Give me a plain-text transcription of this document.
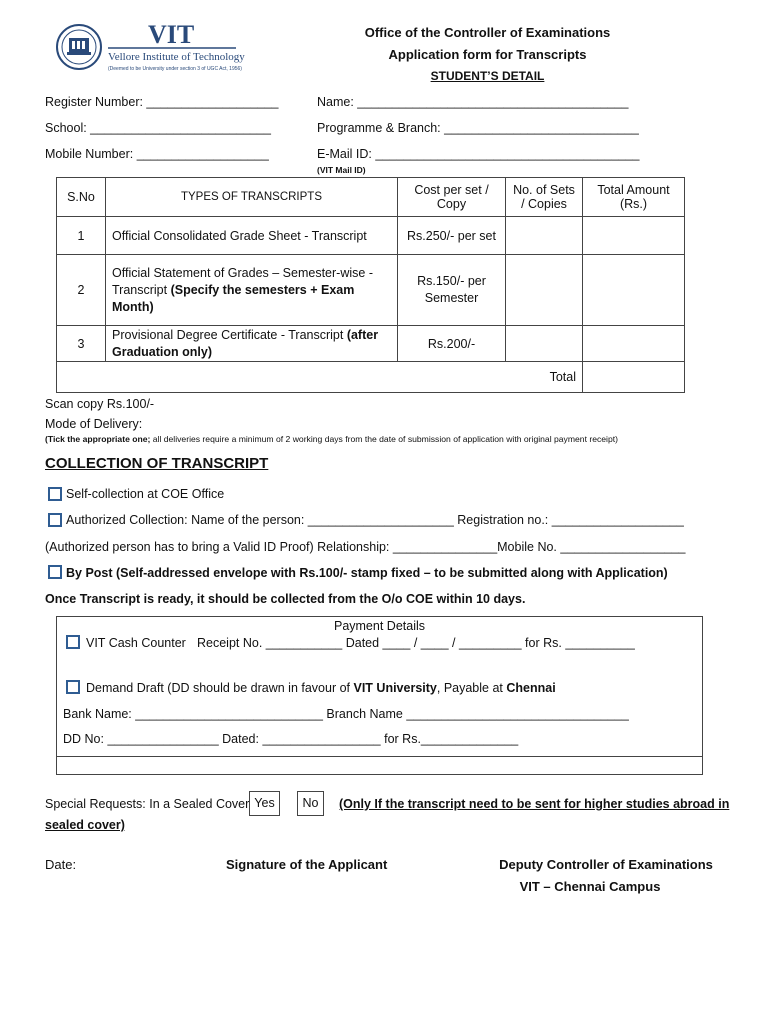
VIT
Vellore Institute of Technology
(Deemed to be University under section 3 of UGC Act, 1956)
Office of the Controller of Examinations
Application form for Transcripts
STUDENT’S DETAIL
Register Number: ___________________	Name: _______________________________________
School: __________________________	Programme & Branch: ____________________________
Mobile Number: ___________________	E-Mail ID: ______________________________________
(VIT Mail ID)
S.No	TYPES OF TRANSCRIPTS	Cost per set / Copy	No. of Sets / Copies	Total Amount (Rs.)
1	Official Consolidated Grade Sheet - Transcript	Rs.250/- per set		
2	Official Statement of Grades – Semester-wise - Transcript (Specify the semesters + Exam Month)	Rs.150/- per Semester		
3	Provisional Degree Certificate - Transcript (after Graduation only)	Rs.200/-		
Total				
Scan copy Rs.100/-
Mode of Delivery:
(Tick the appropriate one; all deliveries require a minimum of 2 working days from the date of submission of application with original payment receipt)
COLLECTION OF TRANSCRIPT
Self-collection at COE Office
Authorized Collection: Name of the person: _____________________ Registration no.: ___________________
(Authorized person has to bring a Valid ID Proof) Relationship: _______________Mobile No. __________________
By Post (Self-addressed envelope with Rs.100/- stamp fixed – to be submitted along with Application)
Once Transcript is ready, it should be collected from the O/o COE within 10 days.
Payment Details
VIT Cash Counter Receipt No. ___________ Dated ____ / ____ / _________ for Rs. __________
Demand Draft (DD should be drawn in favour of VIT University, Payable at Chennai
Bank Name: ___________________________ Branch Name ________________________________
DD No: ________________ Dated: _________________ for Rs.______________
Special Requests: In a Sealed Cover Yes	No	(Only If the transcript need to be sent for higher studies abroad in
sealed cover)
Date:	Signature of the Applicant	Deputy Controller of Examinations
VIT – Chennai Campus
